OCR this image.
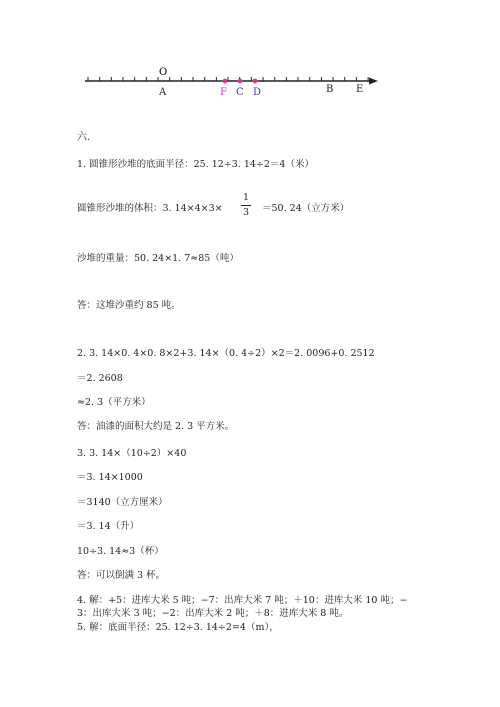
O
A	F C D	B E
六.
1. 圆锥形沙堆的底面半径：25. 12÷3. 14÷2＝4（米）
圆锥形沙堆的体积：3. 14×4×3×
1
3	＝50. 24（立方米）
沙堆的重量：50. 24×1. 7≈85（吨）
答：这堆沙重约 85 吨。
2. 3. 14×0. 4×0. 8×2+3. 14×（0. 4÷2）×2＝2. 0096+0. 2512
＝2. 2608
≈2. 3（平方米）
答：油漆的面积大约是 2. 3 平方米。
3. 3. 14×（10÷2）×40
＝3. 14×1000
＝3140（立方厘米）
＝3. 14（升）
10÷3. 14≈3（杯）
答：可以倒满 3 杯。
4. 解：+5：进库大米 5 吨；−7：出库大米 7 吨；＋10：进库大米 10 吨；−
3：出库大米 3 吨；−2：出库大米 2 吨；＋8：进库大米 8 吨。
5. 解：底面半径：25. 12÷3. 14÷2=4（m），
